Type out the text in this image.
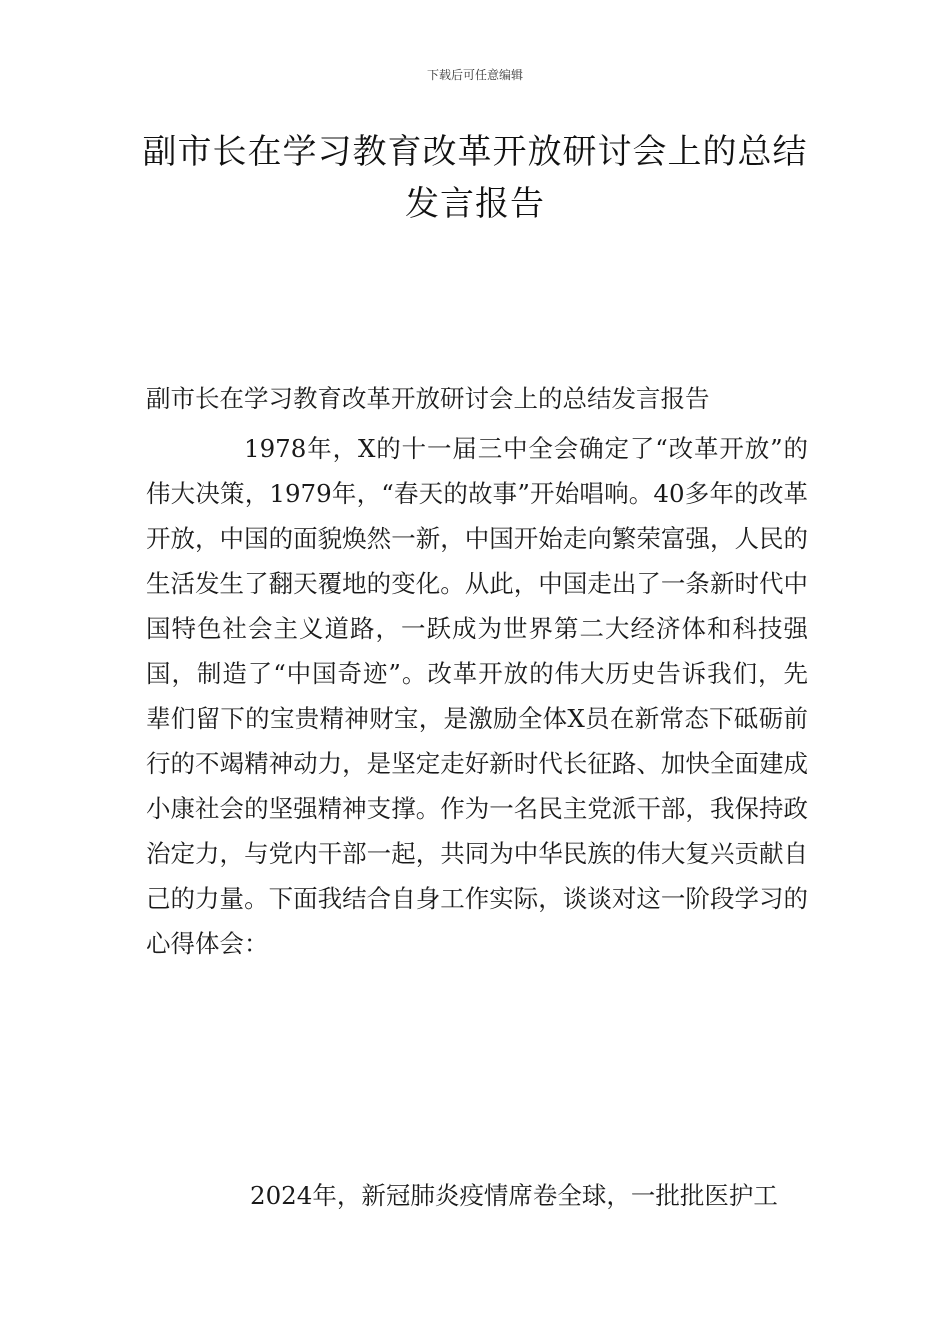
下载后可任意编辑
副市长在学习教育改革开放研讨会上的总结发言报告
副市长在学习教育改革开放研讨会上的总结发言报告
1978年，X的十一届三中全会确定了“改革开放”的伟大决策，1979年，“春天的故事”开始唱响。40多年的改革开放，中国的面貌焕然一新，中国开始走向繁荣富强，人民的生活发生了翻天覆地的变化。从此，中国走出了一条新时代中国特色社会主义道路，一跃成为世界第二大经济体和科技强国，制造了“中国奇迹”。改革开放的伟大历史告诉我们，先辈们留下的宝贵精神财宝，是激励全体X员在新常态下砥砺前行的不竭精神动力，是坚定走好新时代长征路、加快全面建成小康社会的坚强精神支撑。作为一名民主党派干部，我保持政治定力，与党内干部一起，共同为中华民族的伟大复兴贡献自己的力量。下面我结合自身工作实际，谈谈对这一阶段学习的心得体会：
2024年，新冠肺炎疫情席卷全球，一批批医护工
